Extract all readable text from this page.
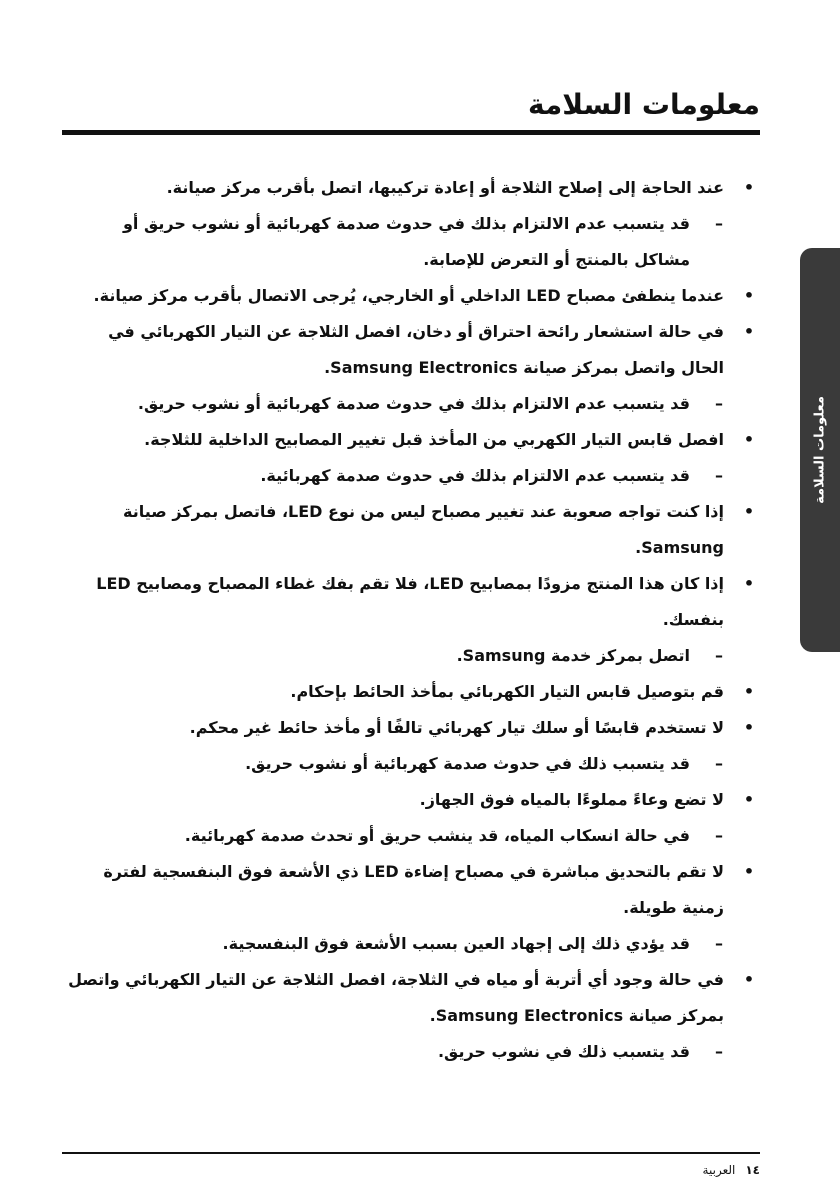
معلومات السلامة
معلومات السلامة
•
عند الحاجة إلى إصلاح الثلاجة أو إعادة تركيبها، اتصل بأقرب مركز صيانة.
–
قد يتسبب عدم الالتزام بذلك في حدوث صدمة كهربائية أو نشوب حريق أو مشاكل بالمنتج أو التعرض للإصابة.
•
عندما ينطفئ مصباح LED الداخلي أو الخارجي، يُرجى الاتصال بأقرب مركز صيانة.
•
في حالة استشعار رائحة احتراق أو دخان، افصل الثلاجة عن التيار الكهربائي في الحال واتصل بمركز صيانة Samsung Electronics.
–
قد يتسبب عدم الالتزام بذلك في حدوث صدمة كهربائية أو نشوب حريق.
•
افصل قابس التيار الكهربي من المأخذ قبل تغيير المصابيح الداخلية للثلاجة.
–
قد يتسبب عدم الالتزام بذلك في حدوث صدمة كهربائية.
•
إذا كنت تواجه صعوبة عند تغيير مصباح ليس من نوع LED، فاتصل بمركز صيانة Samsung.
•
إذا كان هذا المنتج مزودًا بمصابيح LED، فلا تقم بفك غطاء المصباح ومصابيح LED بنفسك.
–
اتصل بمركز خدمة Samsung.
•
قم بتوصيل قابس التيار الكهربائي بمأخذ الحائط بإحكام.
•
لا تستخدم قابسًا أو سلك تيار كهربائي تالفًا أو مأخذ حائط غير محكم.
–
قد يتسبب ذلك في حدوث صدمة كهربائية أو نشوب حريق.
•
لا تضع وعاءً مملوءًا بالمياه فوق الجهاز.
–
في حالة انسكاب المياه، قد ينشب حريق أو تحدث صدمة كهربائية.
•
لا تقم بالتحديق مباشرة في مصباح إضاءة LED ذي الأشعة فوق البنفسجية لفترة زمنية طويلة.
–
قد يؤدي ذلك إلى إجهاد العين بسبب الأشعة فوق البنفسجية.
•
في حالة وجود أي أتربة أو مياه في الثلاجة، افصل الثلاجة عن التيار الكهربائي واتصل بمركز صيانة Samsung Electronics.
–
قد يتسبب ذلك في نشوب حريق.
١٤
العربية
